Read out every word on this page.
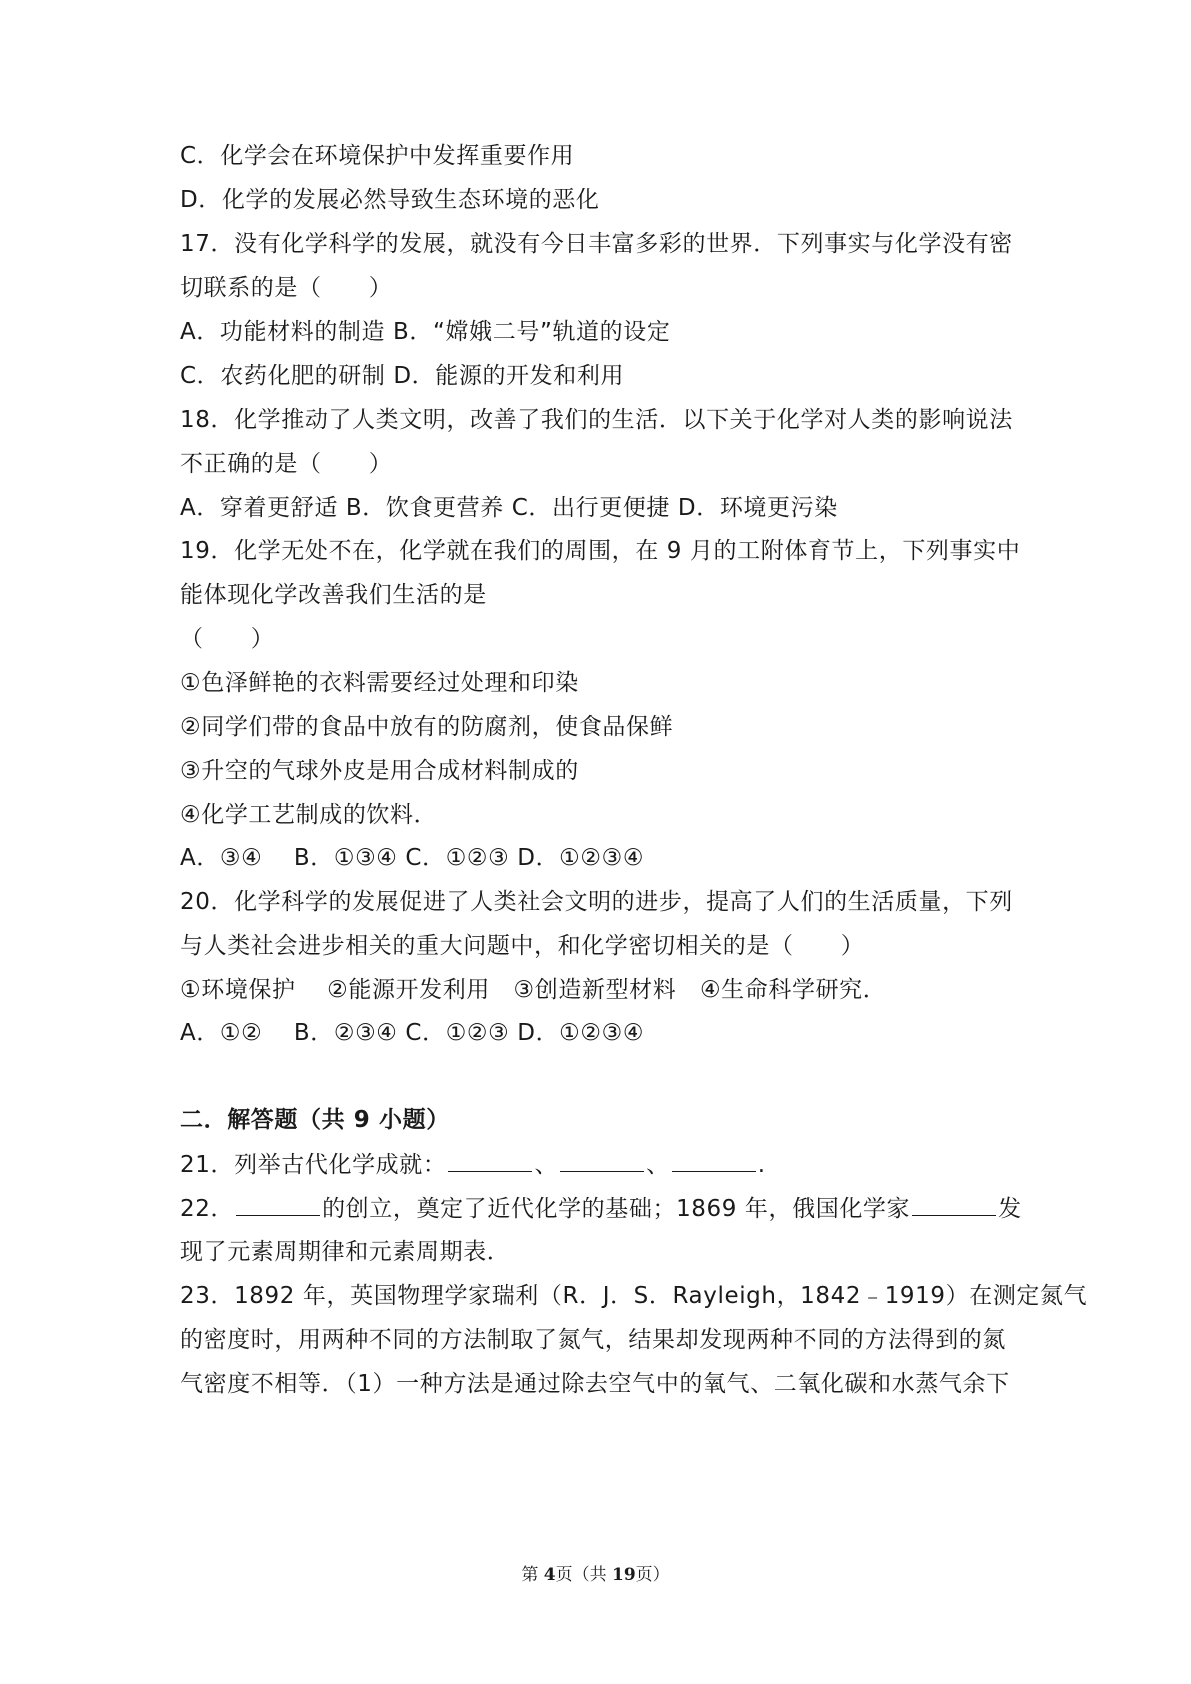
C．化学会在环境保护中发挥重要作用
D．化学的发展必然导致生态环境的恶化
17．没有化学科学的发展，就没有今日丰富多彩的世界．下列事实与化学没有密
切联系的是（　　）
A．功能材料的制造 B．“嫦娥二号”轨道的设定
C．农药化肥的研制 D．能源的开发和利用
18．化学推动了人类文明，改善了我们的生活．以下关于化学对人类的影响说法
不正确的是（　　）
A．穿着更舒适 B．饮食更营养 C．出行更便捷 D．环境更污染
19．化学无处不在，化学就在我们的周围，在 9 月的工附体育节上，下列事实中
能体现化学改善我们生活的是
（　　）
①色泽鲜艳的衣料需要经过处理和印染
②同学们带的食品中放有的防腐剂，使食品保鲜
③升空的气球外皮是用合成材料制成的
④化学工艺制成的饮料．
A．③④　 B．①③④ C．①②③ D．①②③④
20．化学科学的发展促进了人类社会文明的进步，提高了人们的生活质量，下列
与人类社会进步相关的重大问题中，和化学密切相关的是（　　）
①环境保护　 ②能源开发利用　③创造新型材料　④生命科学研究．
A．①②　 B．②③④ C．①②③ D．①②③④
二．解答题（共 9 小题）
21．列举古代化学成就：	、	、	.
22．	的创立，奠定了近代化学的基础；1869 年，俄国化学家	发
现了元素周期律和元素周期表．
23．1892 年，英国物理学家瑞利（R．J．S．Rayleigh，1842﹣1919）在测定氮气
的密度时，用两种不同的方法制取了氮气，结果却发现两种不同的方法得到的氮
气密度不相等．（1）一种方法是通过除去空气中的氧气、二氧化碳和水蒸气余下
第 4页（共 19页）
